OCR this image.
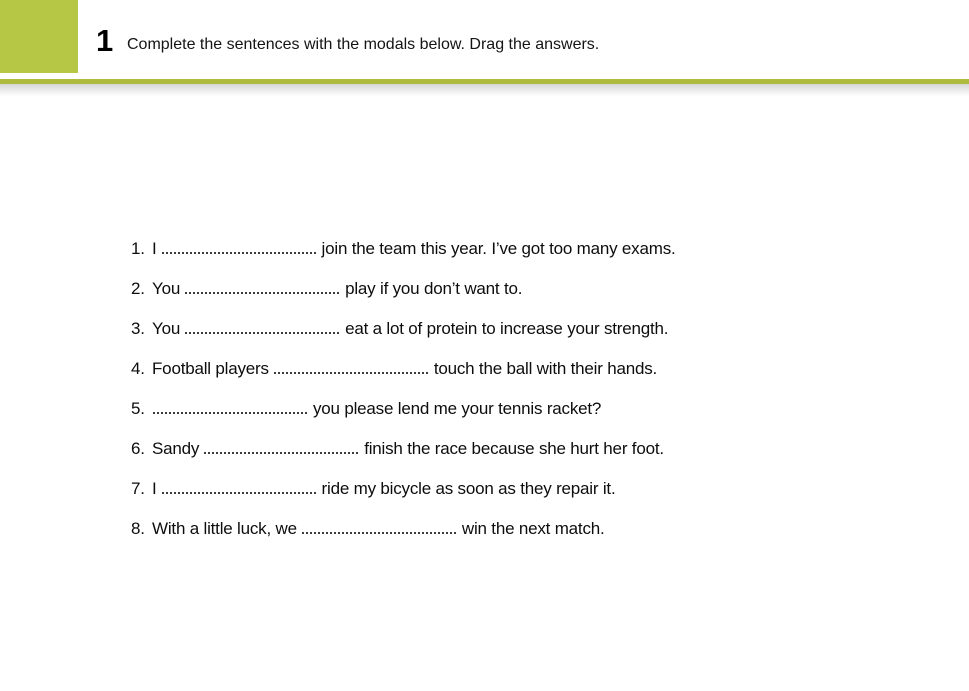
1 Complete the sentences with the modals below. Drag the answers.
1. I	join the team this year. I’ve got too many exams.
2. You	play if you don’t want to.
3. You	eat a lot of protein to increase your strength.
4. Football players	touch the ball with their hands.
5.	you please lend me your tennis racket?
6. Sandy	finish the race because she hurt her foot.
7. I	ride my bicycle as soon as they repair it.
8. With a little luck, we	win the next match.
